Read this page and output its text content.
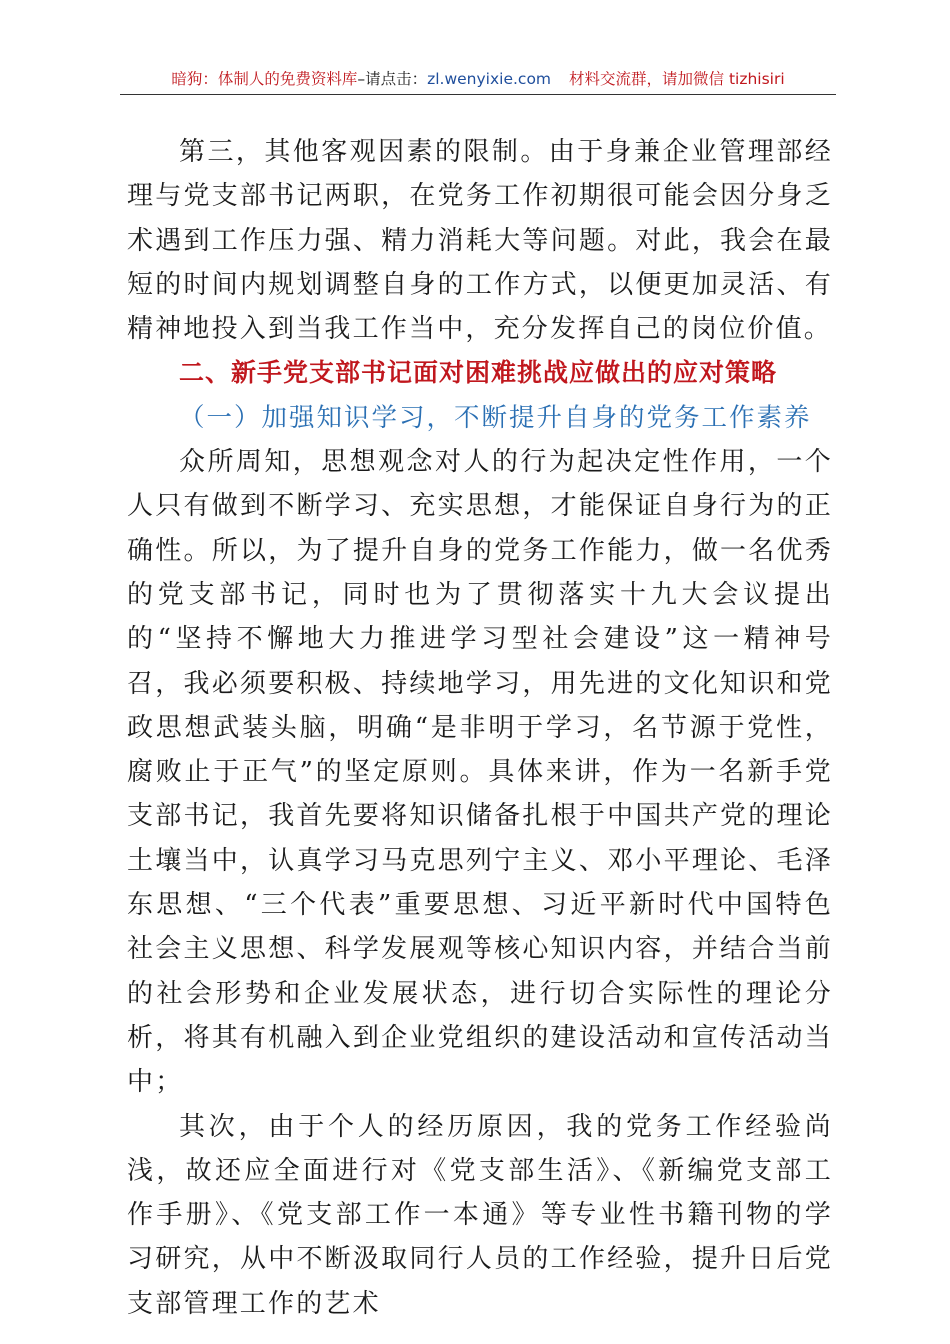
暗狗：体制人的免费资料库–请点击：zl.wenyixie.com 材料交流群，请加微信 tizhisiri

第三，其他客观因素的限制。由于身兼企业管理部经理与党支部书记两职，在党务工作初期很可能会因分身乏术遇到工作压力强、精力消耗大等问题。对此，我会在最短的时间内规划调整自身的工作方式，以便更加灵活、有精神地投入到当我工作当中，充分发挥自己的岗位价值。

二、新手党支部书记面对困难挑战应做出的应对策略
（一）加强知识学习，不断提升自身的党务工作素养

众所周知，思想观念对人的行为起决定性作用，一个人只有做到不断学习、充实思想，才能保证自身行为的正确性。所以，为了提升自身的党务工作能力，做一名优秀的党支部书记，同时也为了贯彻落实十九大会议提出的“坚持不懈地大力推进学习型社会建设”这一精神号召，我必须要积极、持续地学习，用先进的文化知识和党政思想武装头脑，明确“是非明于学习，名节源于党性，腐败止于正气”的坚定原则。具体来讲，作为一名新手党支部书记，我首先要将知识储备扎根于中国共产党的理论土壤当中，认真学习马克思列宁主义、邓小平理论、毛泽东思想、“三个代表”重要思想、习近平新时代中国特色社会主义思想、科学发展观等核心知识内容，并结合当前的社会形势和企业发展状态，进行切合实际性的理论分析，将其有机融入到企业党组织的建设活动和宣传活动当中；

其次，由于个人的经历原因，我的党务工作经验尚浅，故还应全面进行对《党支部生活》、《新编党支部工作手册》、《党支部工作一本通》等专业性书籍刊物的学习研究，从中不断汲取同行人员的工作经验，提升日后党支部管理工作的艺术
